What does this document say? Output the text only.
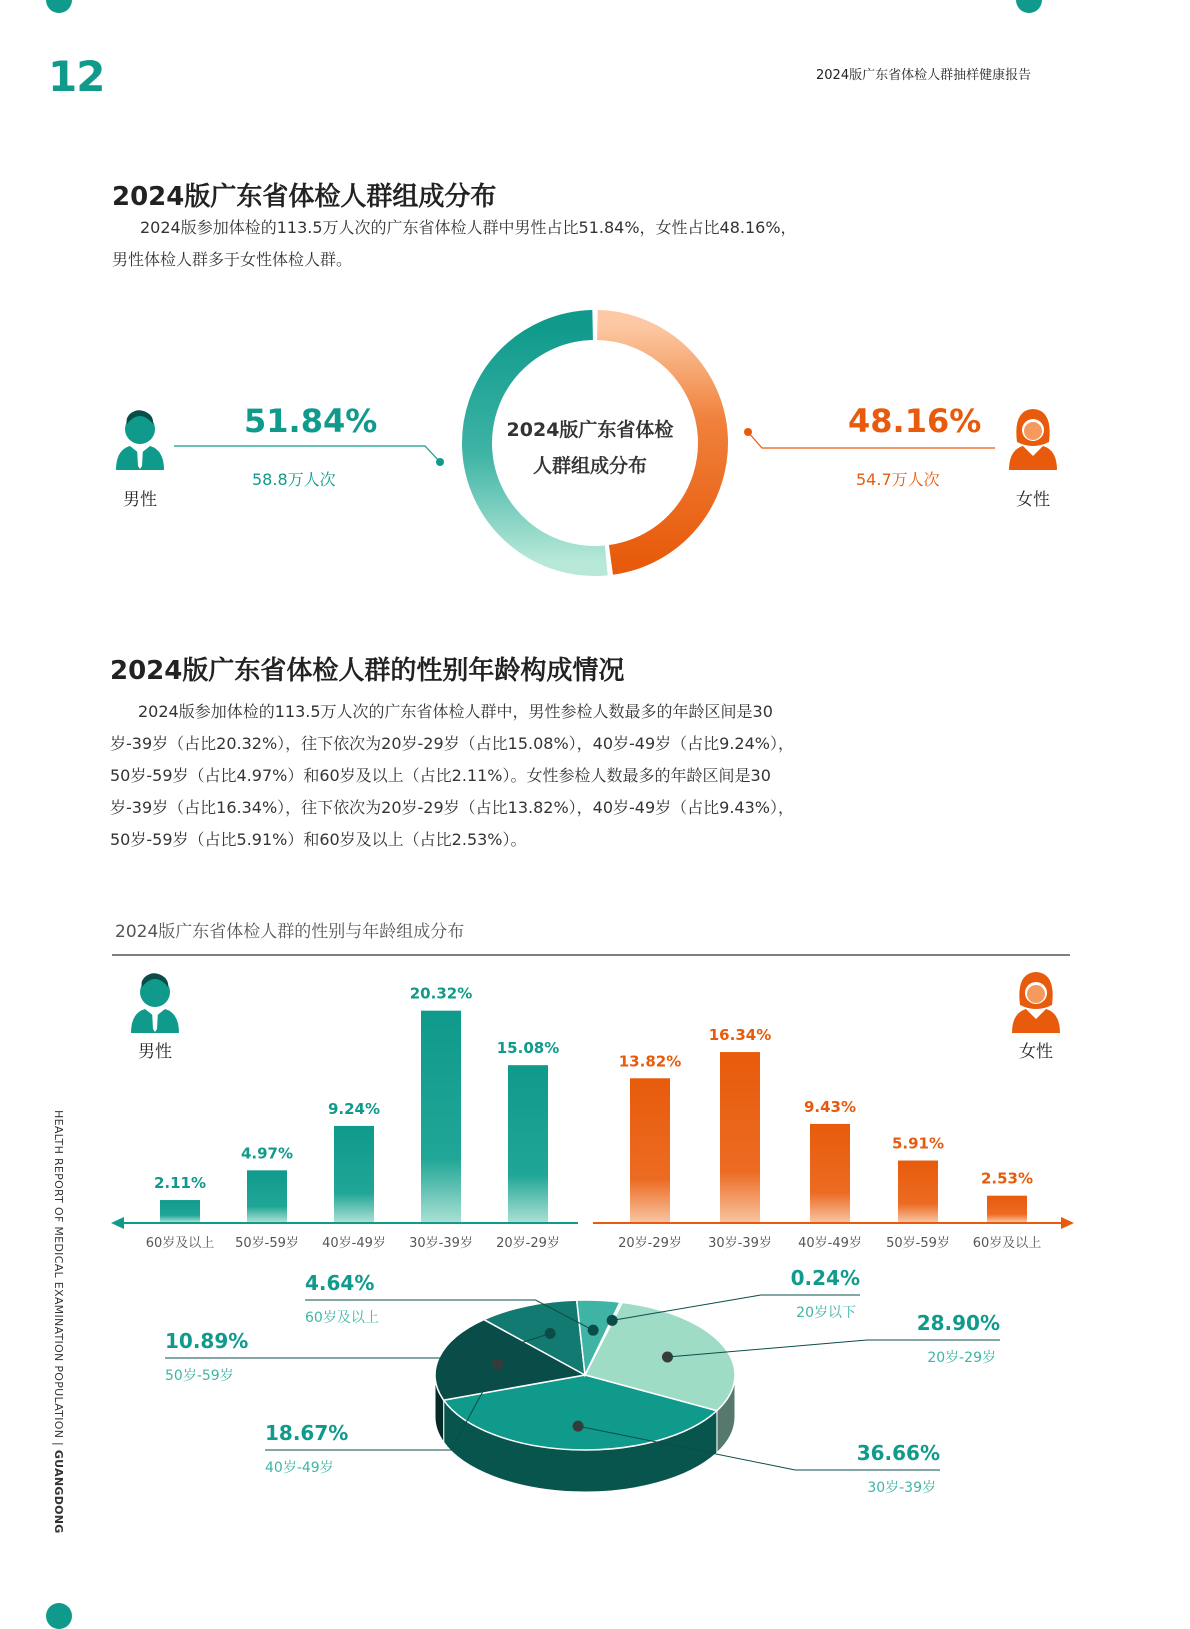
12	2024版广东省体检人群抽样健康报告
HEALTH REPORT OF MEDICAL EXAMINATION POPULATION | GUANGDONG
2024版广东省体检人群组成分布
2024版参加体检的113.5万人次的广东省体检人群中男性占比51.84%，女性占比48.16%，
男性体检人群多于女性体检人群。
2024版广东省体检
人群组成分布
51.84%
58.8万人次
男性
48.16%
54.7万人次
女性
2024版广东省体检人群的性别年龄构成情况
2024版参加体检的113.5万人次的广东省体检人群中，男性参检人数最多的年龄区间是30
岁-39岁（占比20.32%），往下依次为20岁-29岁（占比15.08%），40岁-49岁（占比9.24%），
50岁-59岁（占比4.97%）和60岁及以上（占比2.11%）。女性参检人数最多的年龄区间是30
岁-39岁（占比16.34%），往下依次为20岁-29岁（占比13.82%），40岁-49岁（占比9.43%），
50岁-59岁（占比5.91%）和60岁及以上（占比2.53%）。
2024版广东省体检人群的性别与年龄组成分布
男性	女性
2.11%
60岁及以上
4.97%
50岁-59岁
9.24%
40岁-49岁
20.32%
30岁-39岁
15.08%
20岁-29岁
13.82%
20岁-29岁
16.34%
30岁-39岁
9.43%
40岁-49岁
5.91%
50岁-59岁
2.53%
60岁及以上
28.90%
20岁-29岁
36.66%
30岁-39岁
18.67%
40岁-49岁
10.89%
50岁-59岁
4.64%
60岁及以上
0.24%
20岁以下
